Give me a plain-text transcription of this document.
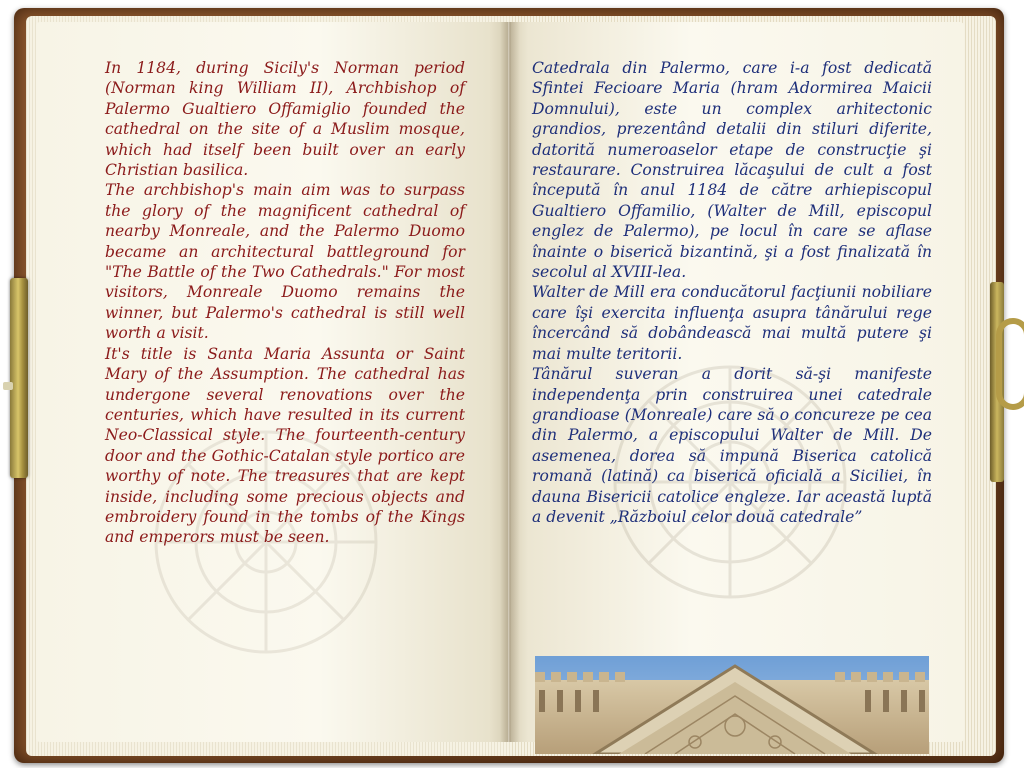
In 1184, during Sicily's Norman period (Norman king William II), Archbishop of Palermo Gualtiero Offamiglio founded the cathedral on the site of a Muslim mosque, which had itself been built over an early Christian basilica.

The archbishop's main aim was to surpass the glory of the magnificent cathedral of nearby Monreale, and the Palermo Duomo became an architectural battleground for "The Battle of the Two Cathedrals." For most visitors, Monreale Duomo remains the winner, but Palermo's cathedral is still well worth a visit.

It's title is Santa Maria Assunta or Saint Mary of the Assumption. The cathedral has undergone several renovations over the centuries, which have resulted in its current Neo-Classical style. The fourteenth-century door and the Gothic-Catalan style portico are worthy of note. The treasures that are kept inside, including some precious objects and embroidery found in the tombs of the Kings and emperors must be seen.

Catedrala din Palermo, care i-a fost dedicată Sfintei Fecioare Maria (hram Adormirea Maicii Domnului), este un complex arhitectonic grandios, prezentând detalii din stiluri diferite, datorită numeroaselor etape de construcţie şi restaurare. Construirea lăcaşului de cult a fost începută în anul 1184 de către arhiepiscopul Gualtiero Offamilio, (Walter de Mill, episcopul englez de Palermo), pe locul în care se aflase înainte o biserică bizantină, şi a fost finalizată în secolul al XVIII-lea.

Walter de Mill era conducătorul facţiunii nobiliare care îşi exercita influenţa asupra tânărului rege încercând să dobândească mai multă putere şi mai multe teritorii.

Tânărul suveran a dorit să-şi manifeste independenţa prin construirea unei catedrale grandioase (Monreale) care să o concureze pe cea din Palermo, a episcopului Walter de Mill. De asemenea, dorea să impună Biserica catolică romană (latină) ca biserică oficială a Siciliei, în dauna Bisericii catolice engleze. Iar această luptă a devenit „Războiul celor două catedrale”
